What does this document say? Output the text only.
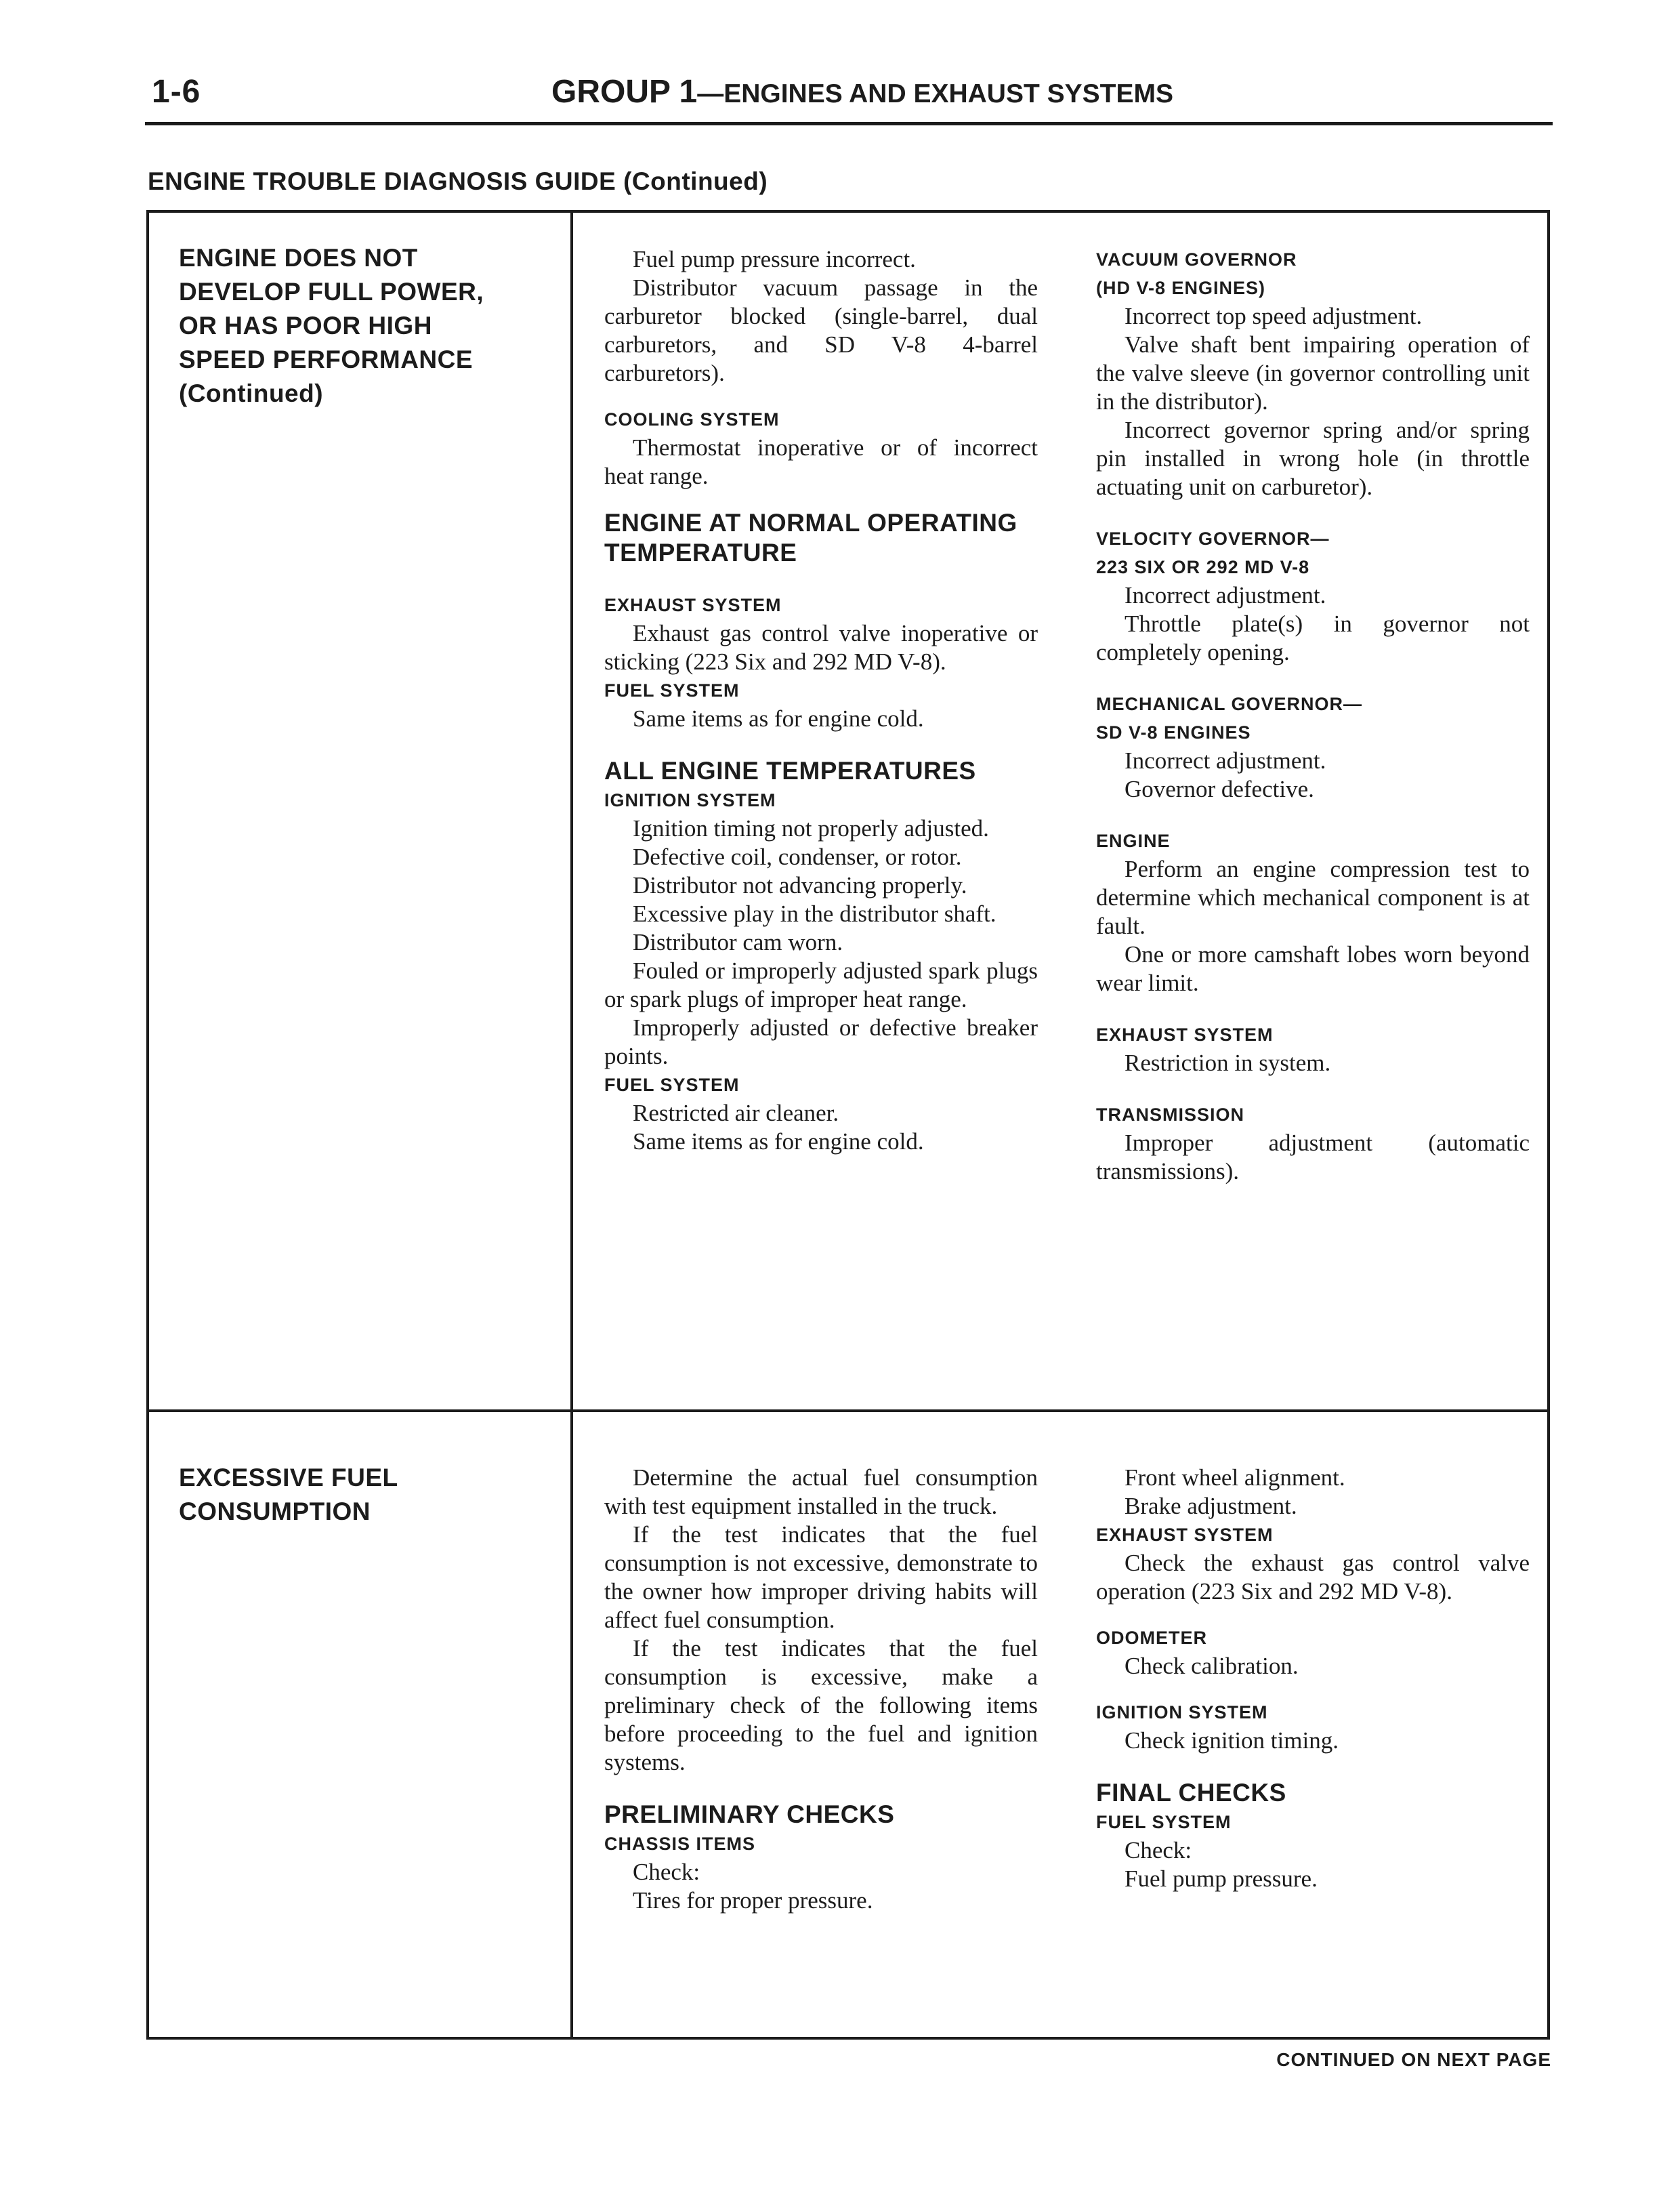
1-6	GROUP 1—ENGINES AND EXHAUST SYSTEMS
ENGINE TROUBLE DIAGNOSIS GUIDE (Continued)
ENGINE DOES NOT
DEVELOP FULL POWER,
OR HAS POOR HIGH
SPEED PERFORMANCE
(Continued)

Fuel pump pressure incorrect.

Distributor vacuum passage in the carburetor blocked (single-barrel, dual carburetors, and SD V-8 4-barrel carburetors).

COOLING SYSTEM

Thermostat inoperative or of incorrect heat range.

ENGINE AT NORMAL OPERATING TEMPERATURE

EXHAUST SYSTEM

Exhaust gas control valve inoperative or sticking (223 Six and 292 MD V-8).

FUEL SYSTEM

Same items as for engine cold.

ALL ENGINE TEMPERATURES

IGNITION SYSTEM

Ignition timing not properly adjusted.

Defective coil, condenser, or rotor.

Distributor not advancing properly.

Excessive play in the distributor shaft.

Distributor cam worn.

Fouled or improperly adjusted spark plugs or spark plugs of improper heat range.

Improperly adjusted or defective breaker points.

FUEL SYSTEM

Restricted air cleaner.

Same items as for engine cold.

VACUUM GOVERNOR

(HD V-8 ENGINES)

Incorrect top speed adjustment.

Valve shaft bent impairing operation of the valve sleeve (in governor controlling unit in the distributor).

Incorrect governor spring and/or spring pin installed in wrong hole (in throttle actuating unit on carburetor).

VELOCITY GOVERNOR—

223 SIX OR 292 MD V-8

Incorrect adjustment.

Throttle plate(s) in governor not completely opening.

MECHANICAL GOVERNOR—

SD V-8 ENGINES

Incorrect adjustment.

Governor defective.

ENGINE

Perform an engine compression test to determine which mechanical component is at fault.

One or more camshaft lobes worn beyond wear limit.

EXHAUST SYSTEM

Restriction in system.

TRANSMISSION

Improper adjustment (automatic transmissions).

EXCESSIVE FUEL
CONSUMPTION

Determine the actual fuel consumption with test equipment installed in the truck.

If the test indicates that the fuel consumption is not excessive, demonstrate to the owner how improper driving habits will affect fuel consumption.

If the test indicates that the fuel consumption is excessive, make a preliminary check of the following items before proceeding to the fuel and ignition systems.

PRELIMINARY CHECKS

CHASSIS ITEMS

Check:

Tires for proper pressure.

Front wheel alignment.

Brake adjustment.

EXHAUST SYSTEM

Check the exhaust gas control valve operation (223 Six and 292 MD V-8).

ODOMETER

Check calibration.

IGNITION SYSTEM

Check ignition timing.

FINAL CHECKS

FUEL SYSTEM

Check:

Fuel pump pressure.

CONTINUED ON NEXT PAGE
